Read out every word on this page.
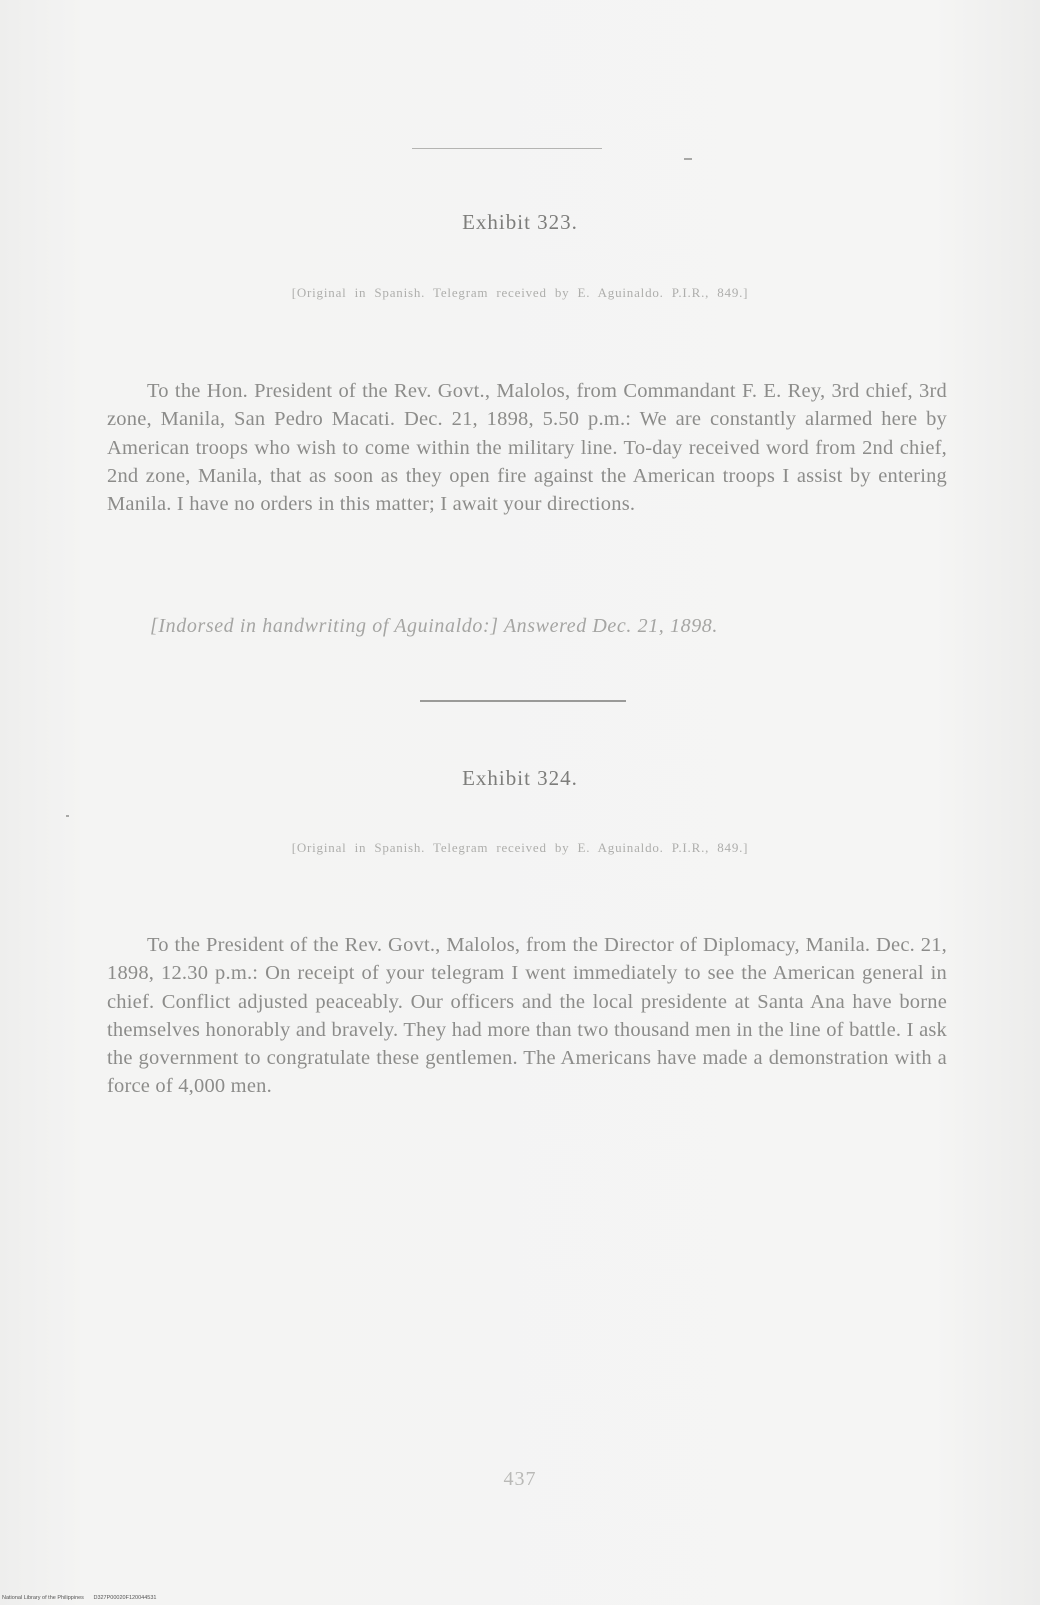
Exhibit 323.
[Original in Spanish. Telegram received by E. Aguinaldo. P.I.R., 849.]
To the Hon. President of the Rev. Govt., Malolos, from Commandant F. E. Rey, 3rd chief, 3rd zone, Manila, San Pedro Macati. Dec. 21, 1898, 5.50 p.m.: We are constantly alarmed here by American troops who wish to come within the military line. To-day received word from 2nd chief, 2nd zone, Manila, that as soon as they open fire against the American troops I assist by entering Manila. I have no orders in this matter; I await your directions.
[Indorsed in handwriting of Aguinaldo:] Answered Dec. 21, 1898.
Exhibit 324.
[Original in Spanish. Telegram received by E. Aguinaldo. P.I.R., 849.]
To the President of the Rev. Govt., Malolos, from the Director of Diplomacy, Manila. Dec. 21, 1898, 12.30 p.m.: On receipt of your telegram I went immediately to see the American general in chief. Conflict adjusted peaceably. Our officers and the local presidente at Santa Ana have borne themselves honorably and bravely. They had more than two thousand men in the line of battle. I ask the government to congratulate these gentlemen. The Americans have made a demonstration with a force of 4,000 men.
437
National Library of the Philippines D327P00020F120044531
